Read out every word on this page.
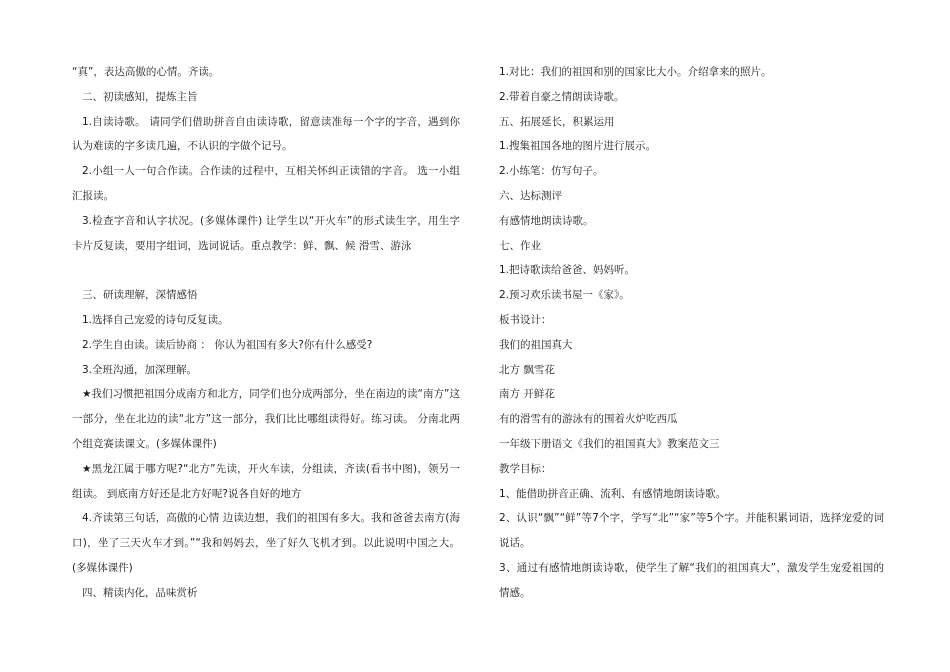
“真”，表达高傲的心情。齐读。

二、初读感知，提炼主旨

1.自读诗歌。 请同学们借助拼音自由读诗歌，留意读准每一个字的字音，遇到你认为难读的字多读几遍，不认识的字做个记号。

2.小组一人一句合作读。合作读的过程中，互相关怀纠正读错的字音。 选一小组汇报读。

3.检查字音和认字状况。(多媒体课件) 让学生以“开火车”的形式读生字，用生字卡片反复读，要用字组词，选词说话。重点教学：鲜、飘、候 滑雪、游泳

三、研读理解，深情感悟

1.选择自己宠爱的诗句反复读。

2.学生自由读。读后协商 ： 你认为祖国有多大?你有什么感受?

3.全班沟通，加深理解。

★我们习惯把祖国分成南方和北方，同学们也分成两部分，坐在南边的读“南方”这一部分，坐在北边的读“北方”这一部分，我们比比哪组读得好。练习读。 分南北两个组竞赛读课文。(多媒体课件)

★黑龙江属于哪方呢?“北方”先读，开火车读，分组读，齐读(看书中图)，领另一组读。 到底南方好还是北方好呢?说各自好的地方

4.齐读第三句话，高傲的心情 边读边想，我们的祖国有多大。我和爸爸去南方(海口)，坐了三天火车才到。”“我和妈妈去，坐了好久飞机才到。以此说明中国之大。(多媒体课件)

四、精读内化，品味赏析

1.对比：我们的祖国和别的国家比大小。介绍拿来的照片。

2.带着自豪之情朗读诗歌。

五、拓展延长，积累运用

1.搜集祖国各地的图片进行展示。

2.小练笔：仿写句子。

六、达标测评

有感情地朗读诗歌。

七、作业

1.把诗歌读给爸爸、妈妈听。

2.预习欢乐读书屋一《家》。

板书设计：

我们的祖国真大

北方 飘雪花

南方 开鲜花

有的滑雪有的游泳有的围着火炉吃西瓜

一年级下册语文《我们的祖国真大》教案范文三

教学目标：

1、能借助拼音正确、流利、有感情地朗读诗歌。

2、认识“飘”“鲜”等7个字，学写“北”“家”等5个字。并能积累词语，选择宠爱的词说话。

3、通过有感情地朗读诗歌，使学生了解“我们的祖国真大”，激发学生宠爱祖国的情感。
